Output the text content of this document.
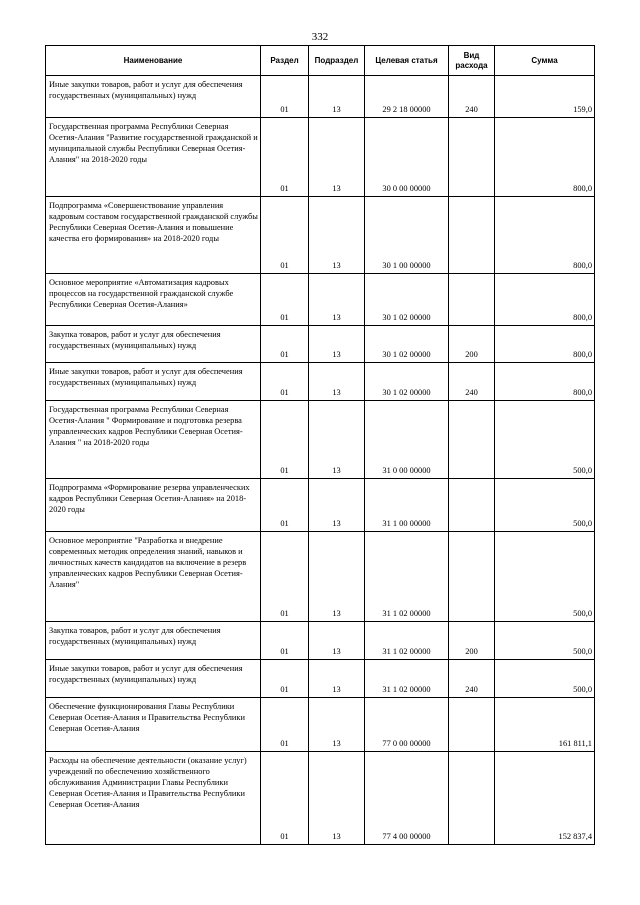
332
Наименование	Раздел	Подраздел	Целевая статья	Вид расхода	Сумма
Иные закупки товаров, работ и услуг для обеспечения государственных (муниципальных) нужд	01	13	29 2 18 00000	240	159,0
Государственная программа Республики Северная Осетия-Алания "Развитие государственной гражданской и муниципальной службы Республики Северная Осетия-Алания" на 2018-2020 годы	01	13	30 0 00 00000		800,0
Подпрограмма «Совершенствование управления кадровым составом государственной гражданской службы Республики Северная Осетия-Алания и повышение качества его формирования» на 2018-2020 годы	01	13	30 1 00 00000		800,0
Основное мероприятие «Автоматизация кадровых процессов на государственной гражданской службе Республики Северная Осетия-Алания»	01	13	30 1 02 00000		800,0
Закупка товаров, работ и услуг для обеспечения государственных (муниципальных) нужд	01	13	30 1 02 00000	200	800,0
Иные закупки товаров, работ и услуг для обеспечения государственных (муниципальных) нужд	01	13	30 1 02 00000	240	800,0
Государственная программа Республики Северная Осетия-Алания " Формирование и подготовка резерва управленческих кадров Республики Северная Осетия-Алания " на 2018-2020 годы	01	13	31 0 00 00000		500,0
Подпрограмма «Формирование резерва управленческих кадров Республики Северная Осетия-Алания» на 2018-2020 годы	01	13	31 1 00 00000		500,0
Основное мероприятие "Разработка и внедрение современных методик определения знаний, навыков и личностных качеств кандидатов на включение в резерв управленческих кадров Республики Северная Осетия-Алания"	01	13	31 1 02 00000		500,0
Закупка товаров, работ и услуг для обеспечения государственных (муниципальных) нужд	01	13	31 1 02 00000	200	500,0
Иные закупки товаров, работ и услуг для обеспечения государственных (муниципальных) нужд	01	13	31 1 02 00000	240	500,0
Обеспечение функционирования Главы Республики Северная Осетия-Алания и Правительства Республики Северная Осетия-Алания	01	13	77 0 00 00000		161 811,1
Расходы на обеспечение деятельности (оказание услуг) учреждений по обеспечению хозяйственного обслуживания Администрации Главы Республики Северная Осетия-Алания и Правительства Республики Северная Осетия-Алания	01	13	77 4 00 00000		152 837,4
